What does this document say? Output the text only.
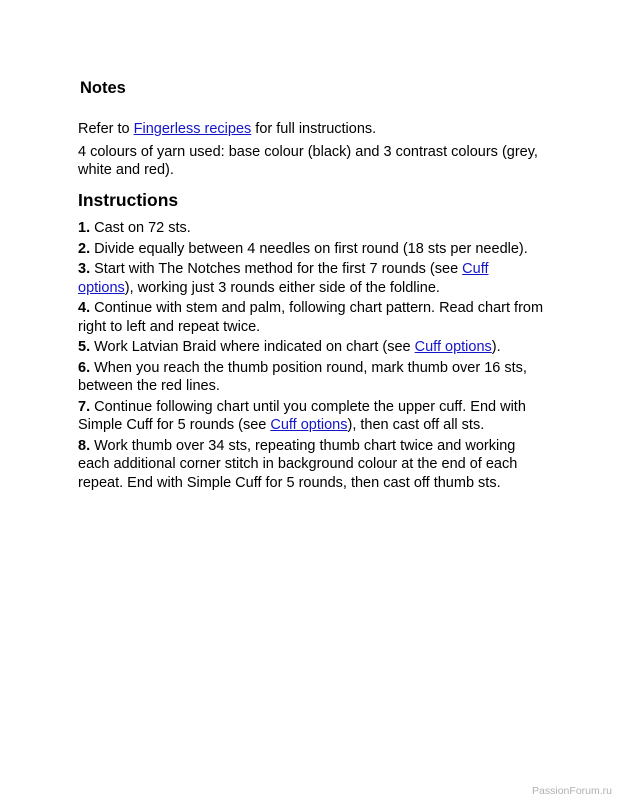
Notes

Refer to Fingerless recipes for full instructions.

4 colours of yarn used: base colour (black) and 3 contrast colours (grey, white and red).

Instructions
1. Cast on 72 sts.
2. Divide equally between 4 needles on first round (18 sts per needle).
3. Start with The Notches method for the first 7 rounds (see Cuff options), working just 3 rounds either side of the foldline.
4. Continue with stem and palm, following chart pattern. Read chart from right to left and repeat twice.
5. Work Latvian Braid where indicated on chart (see Cuff options).
6. When you reach the thumb position round, mark thumb over 16 sts, between the red lines.
7. Continue following chart until you complete the upper cuff. End with Simple Cuff for 5 rounds (see Cuff options), then cast off all sts.
8. Work thumb over 34 sts, repeating thumb chart twice and working each additional corner stitch in background colour at the end of each repeat. End with Simple Cuff for 5 rounds, then cast off thumb sts.
PassionForum.ru
